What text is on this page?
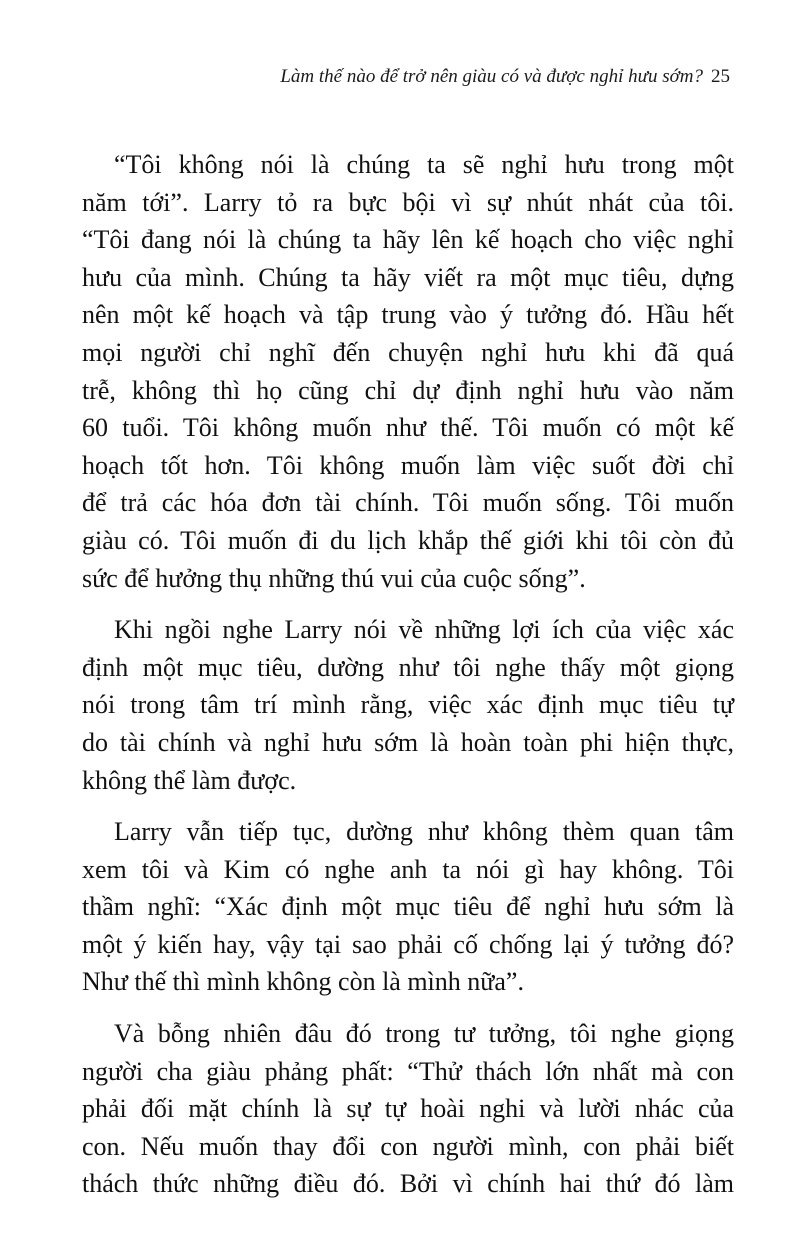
Làm thế nào để trở nên giàu có và được nghỉ hưu sớm? 25

“Tôi không nói là chúng ta sẽ nghỉ hưu trong một
năm tới”. Larry tỏ ra bực bội vì sự nhút nhát của tôi.
“Tôi đang nói là chúng ta hãy lên kế hoạch cho việc nghỉ
hưu của mình. Chúng ta hãy viết ra một mục tiêu, dựng
nên một kế hoạch và tập trung vào ý tưởng đó. Hầu hết
mọi người chỉ nghĩ đến chuyện nghỉ hưu khi đã quá
trễ, không thì họ cũng chỉ dự định nghỉ hưu vào năm
60 tuổi. Tôi không muốn như thế. Tôi muốn có một kế
hoạch tốt hơn. Tôi không muốn làm việc suốt đời chỉ
để trả các hóa đơn tài chính. Tôi muốn sống. Tôi muốn
giàu có. Tôi muốn đi du lịch khắp thế giới khi tôi còn đủ
sức để hưởng thụ những thú vui của cuộc sống”.

Khi ngồi nghe Larry nói về những lợi ích của việc xác
định một mục tiêu, dường như tôi nghe thấy một giọng
nói trong tâm trí mình rằng, việc xác định mục tiêu tự
do tài chính và nghỉ hưu sớm là hoàn toàn phi hiện thực,
không thể làm được.

Larry vẫn tiếp tục, dường như không thèm quan tâm
xem tôi và Kim có nghe anh ta nói gì hay không. Tôi
thầm nghĩ: “Xác định một mục tiêu để nghỉ hưu sớm là
một ý kiến hay, vậy tại sao phải cố chống lại ý tưởng đó?
Như thế thì mình không còn là mình nữa”.

Và bỗng nhiên đâu đó trong tư tưởng, tôi nghe giọng
người cha giàu phảng phất: “Thử thách lớn nhất mà con
phải đối mặt chính là sự tự hoài nghi và lười nhác của
con. Nếu muốn thay đổi con người mình, con phải biết
thách thức những điều đó. Bởi vì chính hai thứ đó làm
